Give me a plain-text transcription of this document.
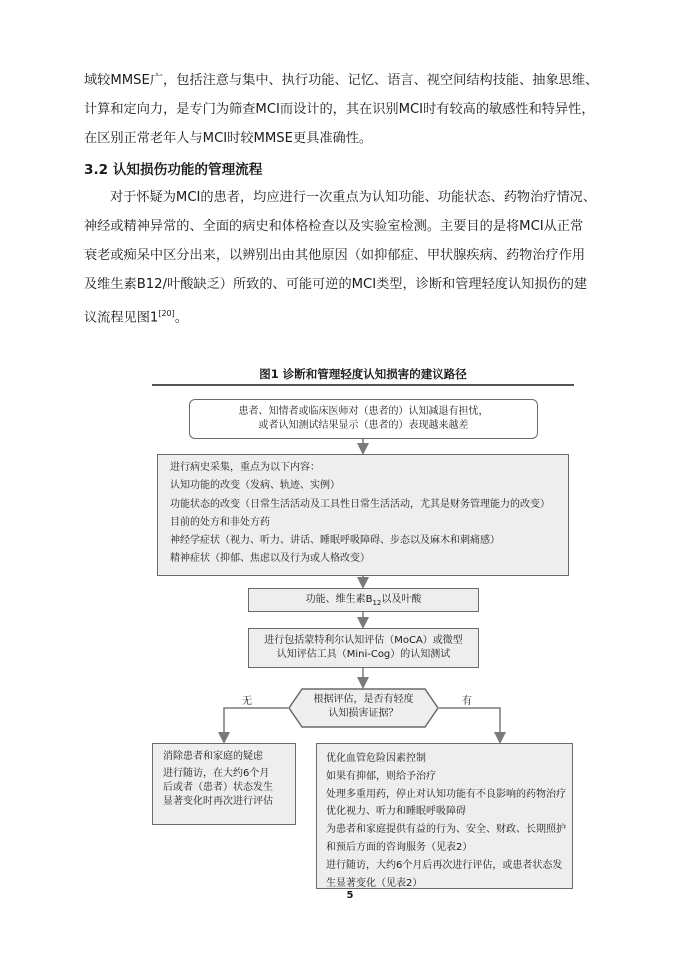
域较MMSE广，包括注意与集中、执行功能、记忆、语言、视空间结构技能、抽象思维、
计算和定向力，是专门为筛查MCI而设计的，其在识别MCI时有较高的敏感性和特异性，
在区别正常老年人与MCI时较MMSE更具准确性。

3.2 认知损伤功能的管理流程

对于怀疑为MCI的患者，均应进行一次重点为认知功能、功能状态、药物治疗情况、
神经或精神异常的、全面的病史和体格检查以及实验室检测。主要目的是将MCI从正常
衰老或痴呆中区分出来，以辨别出由其他原因（如抑郁症、甲状腺疾病、药物治疗作用
及维生素B12/叶酸缺乏）所致的、可能可逆的MCI类型，诊断和管理轻度认知损伤的建
议流程见图1[20]。

图1 诊断和管理轻度认知损害的建议路径
患者、知情者或临床医师对（患者的）认知减退有担忧，
或者认知测试结果显示（患者的）表现越来越差
进行病史采集，重点为以下内容：
认知功能的改变（发病、轨迹、实例）
功能状态的改变（日常生活活动及工具性日常生活活动，尤其是财务管理能力的改变）
目前的处方和非处方药
神经学症状（视力、听力、讲话、睡眠呼吸障碍、步态以及麻木和刺痛感）
精神症状（抑郁、焦虑以及行为或人格改变）
功能、维生素$B_{12}$以及叶酸
进行包括蒙特利尔认知评估（MoCA）或微型
认知评估工具（Mini-Cog）的认知测试
根据评估，是否有轻度
认知损害证据？
无	有
消除患者和家庭的疑虑
进行随访，在大约6个月
后或者（患者）状态发生
显著变化时再次进行评估
优化血管危险因素控制
如果有抑郁，则给予治疗
处理多重用药，停止对认知功能有不良影响的药物治疗
优化视力、听力和睡眠呼吸障碍
为患者和家庭提供有益的行为、安全、财政、长期照护
和预后方面的咨询服务（见表2）
进行随访，大约6个月后再次进行评估，或患者状态发
生显著变化（见表2）
5
